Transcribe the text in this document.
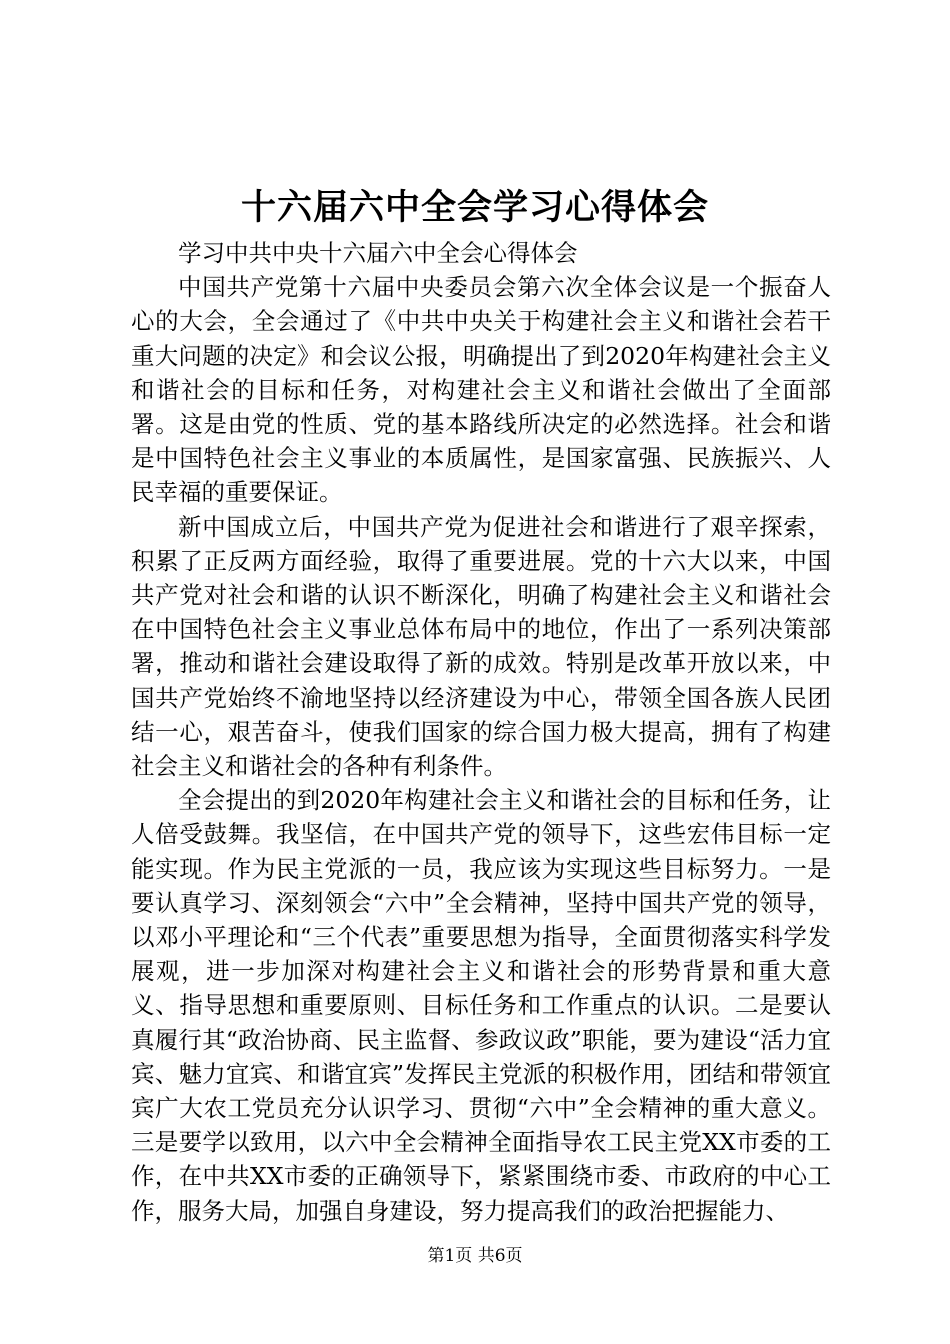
十六届六中全会学习心得体会

学习中共中央十六届六中全会心得体会

中国共产党第十六届中央委员会第六次全体会议是一个振奋人心的大会，全会通过了《中共中央关于构建社会主义和谐社会若干重大问题的决定》和会议公报，明确提出了到2020年构建社会主义和谐社会的目标和任务，对构建社会主义和谐社会做出了全面部署。这是由党的性质、党的基本路线所决定的必然选择。社会和谐是中国特色社会主义事业的本质属性，是国家富强、民族振兴、人民幸福的重要保证。

新中国成立后，中国共产党为促进社会和谐进行了艰辛探索，积累了正反两方面经验，取得了重要进展。党的十六大以来，中国共产党对社会和谐的认识不断深化，明确了构建社会主义和谐社会在中国特色社会主义事业总体布局中的地位，作出了一系列决策部署，推动和谐社会建设取得了新的成效。特别是改革开放以来，中国共产党始终不渝地坚持以经济建设为中心，带领全国各族人民团结一心，艰苦奋斗，使我们国家的综合国力极大提高，拥有了构建社会主义和谐社会的各种有利条件。

全会提出的到2020年构建社会主义和谐社会的目标和任务，让人倍受鼓舞。我坚信，在中国共产党的领导下，这些宏伟目标一定能实现。作为民主党派的一员，我应该为实现这些目标努力。一是要认真学习、深刻领会“六中”全会精神，坚持中国共产党的领导，以邓小平理论和“三个代表”重要思想为指导，全面贯彻落实科学发展观，进一步加深对构建社会主义和谐社会的形势背景和重大意义、指导思想和重要原则、目标任务和工作重点的认识。二是要认真履行其“政治协商、民主监督、参政议政”职能，要为建设“活力宜宾、魅力宜宾、和谐宜宾”发挥民主党派的积极作用，团结和带领宜宾广大农工党员充分认识学习、贯彻“六中”全会精神的重大意义。三是要学以致用，以六中全会精神全面指导农工民主党XX市委的工作，在中共XX市委的正确领导下，紧紧围绕市委、市政府的中心工作，服务大局，加强自身建设，努力提高我们的政治把握能力、

第1页 共6页
